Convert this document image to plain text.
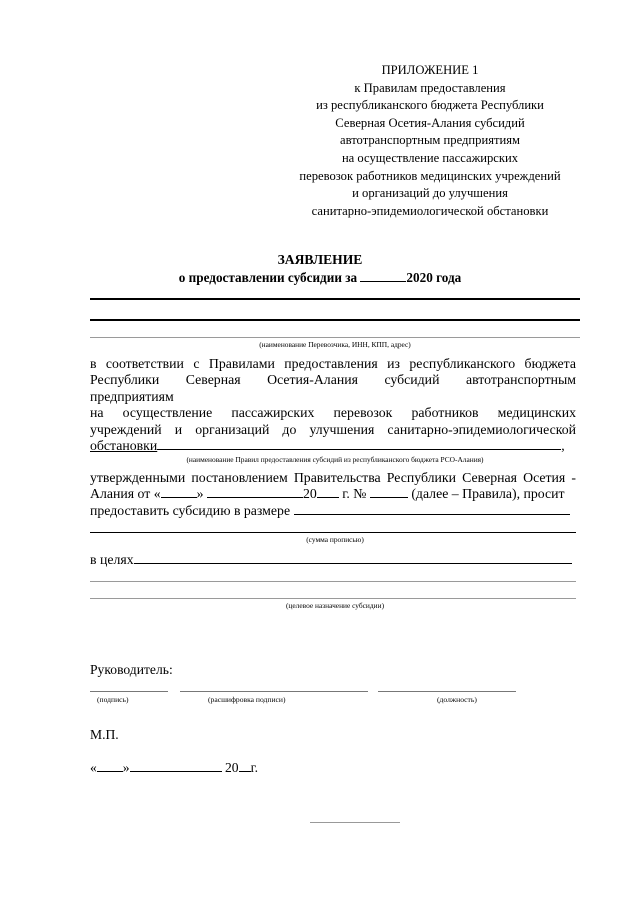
ПРИЛОЖЕНИЕ 1
к Правилам предоставления
из республиканского бюджета Республики
Северная Осетия-Алания субсидий
автотранспортным предприятиям
на осуществление пассажирских
перевозок работников медицинских учреждений
и организаций до улучшения
санитарно-эпидемиологической обстановки
ЗАЯВЛЕНИЕ
о предоставлении субсидии за	2020 года
(наименование Перевозчика, ИНН, КПП, адрес)
в соответствии с Правилами предоставления из республиканского бюджета
Республики Северная Осетия-Алания субсидий автотранспортным
предприятиям
на осуществление пассажирских перевозок работников медицинских
учреждений и организаций до улучшения санитарно-эпидемиологической
обстановки	,
(наименование Правил предоставления субсидий из республиканского бюджета РСО-Алания)
утвержденными постановлением Правительства Республики Северная Осетия -
Алания от «	»	20 г. №	(далее – Правила), просит
предоставить субсидию в размере
(сумма прописью)
в целях
(целевое назначение субсидии)
Руководитель:
(подпись)	(расшифровка подписи)	(должность)
М.П.
« »	20 г.
